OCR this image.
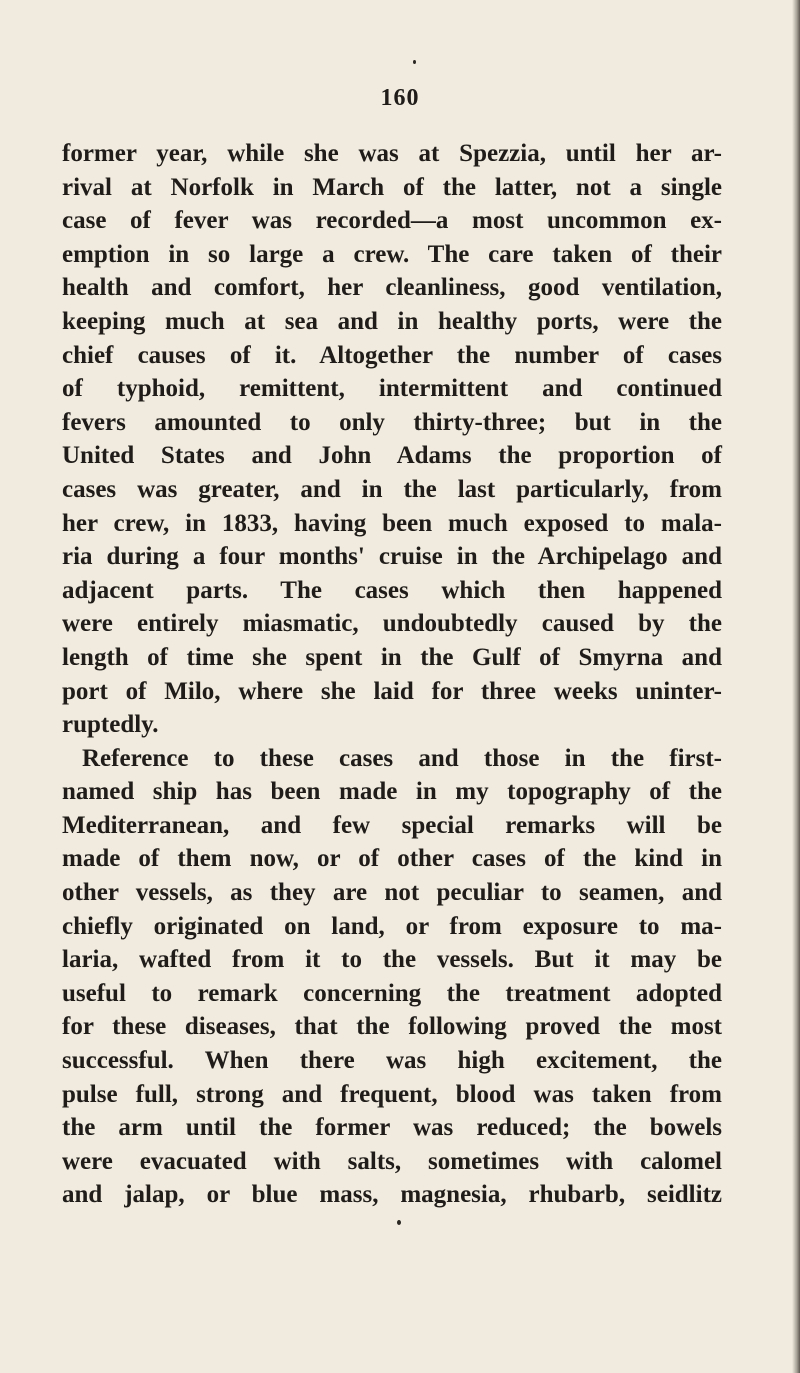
160
former year, while she was at Spezzia, until her ar-
rival at Norfolk in March of the latter, not a single
case of fever was recorded—a most uncommon ex-
emption in so large a crew. The care taken of their
health and comfort, her cleanliness, good ventilation,
keeping much at sea and in healthy ports, were the
chief causes of it. Altogether the number of cases
of typhoid, remittent, intermittent and continued
fevers amounted to only thirty-three; but in the
United States and John Adams the proportion of
cases was greater, and in the last particularly, from
her crew, in 1833, having been much exposed to mala-
ria during a four months' cruise in the Archipelago and
adjacent parts. The cases which then happened
were entirely miasmatic, undoubtedly caused by the
length of time she spent in the Gulf of Smyrna and
port of Milo, where she laid for three weeks uninter-
ruptedly.
Reference to these cases and those in the first-
named ship has been made in my topography of the
Mediterranean, and few special remarks will be
made of them now, or of other cases of the kind in
other vessels, as they are not peculiar to seamen, and
chiefly originated on land, or from exposure to ma-
laria, wafted from it to the vessels. But it may be
useful to remark concerning the treatment adopted
for these diseases, that the following proved the most
successful. When there was high excitement, the
pulse full, strong and frequent, blood was taken from
the arm until the former was reduced; the bowels
were evacuated with salts, sometimes with calomel
and jalap, or blue mass, magnesia, rhubarb, seidlitz
